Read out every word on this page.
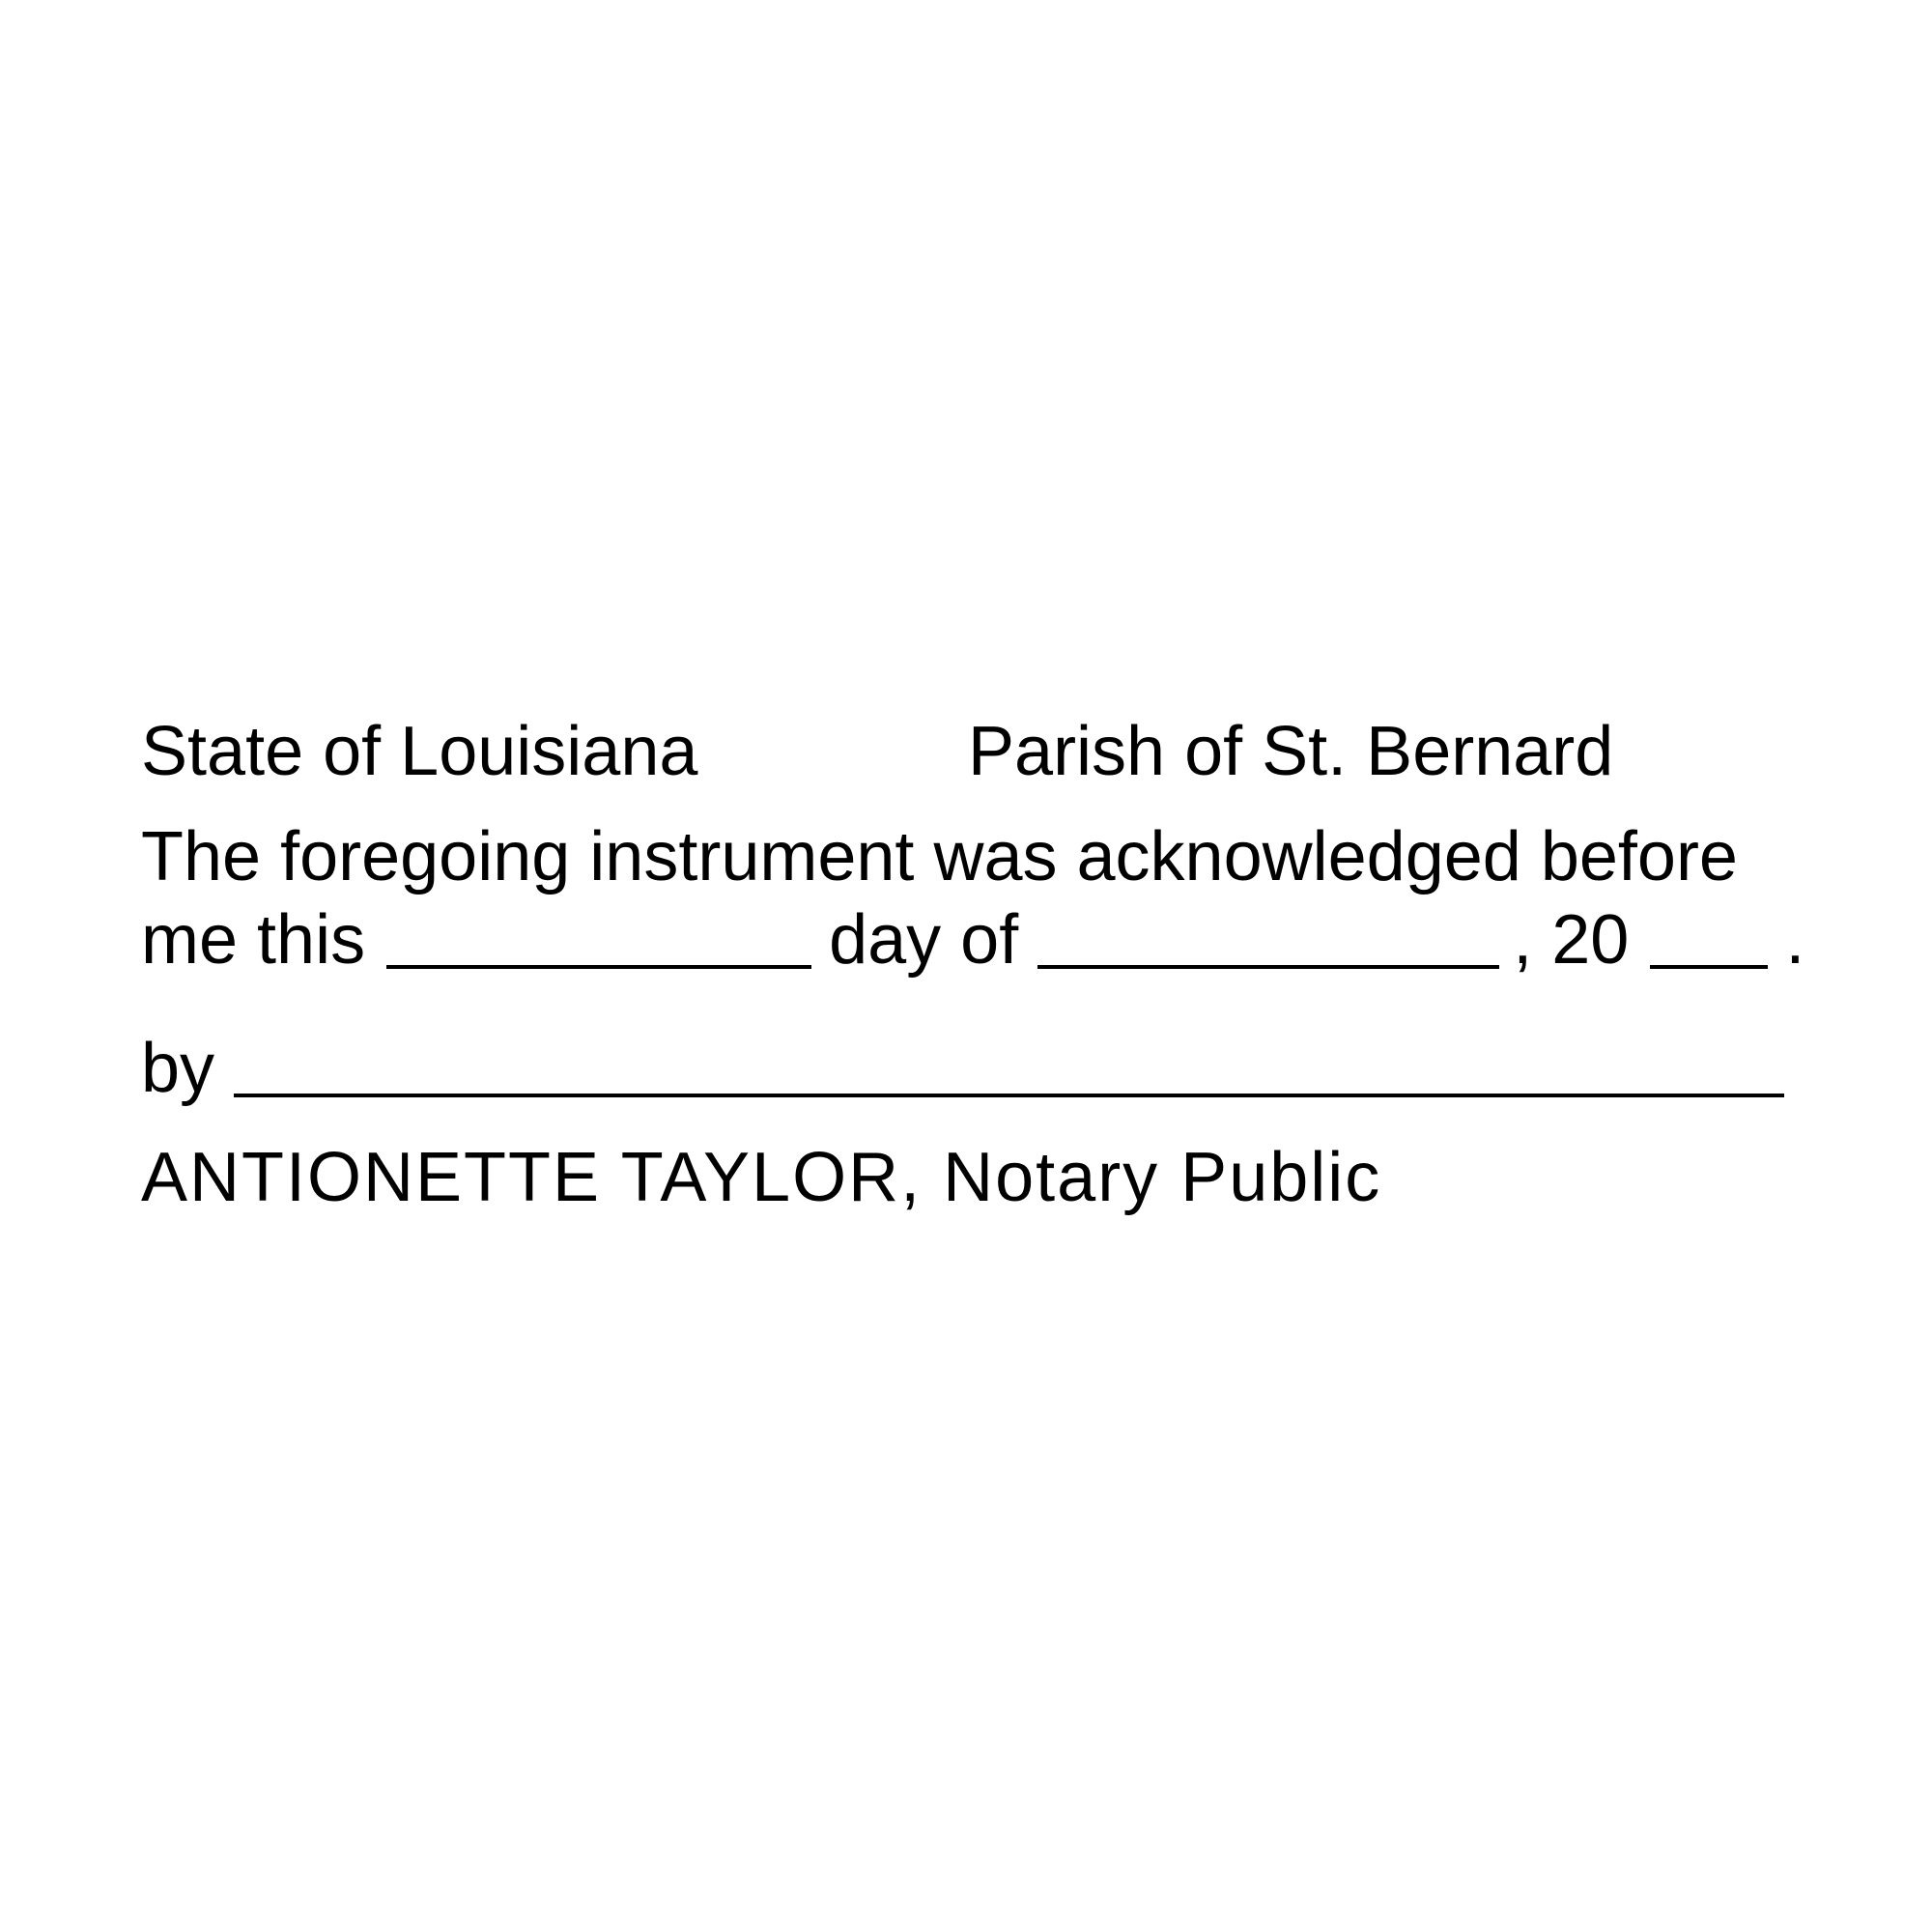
State of Louisiana	Parish of St. Bernard
The foregoing instrument was acknowledged before
me this	day of	, 20 .
by
ANTIONETTE TAYLOR, Notary Public
